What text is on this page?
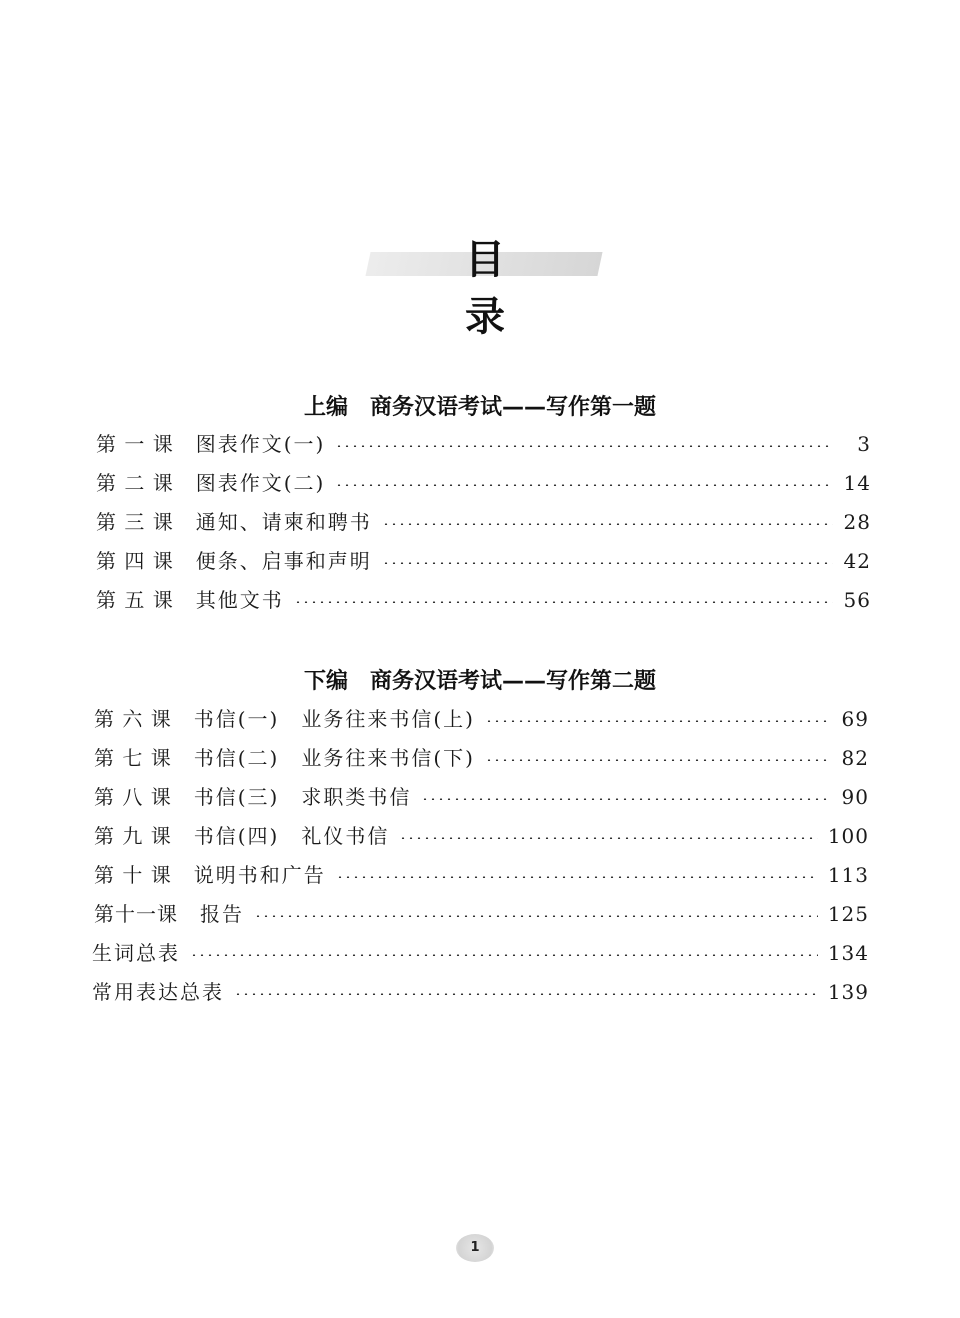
目　录
上编　商务汉语考试——写作第一题
第 一 课 图表作文(一)	3
第 二 课 图表作文(二)	14
第 三 课 通知、请柬和聘书	28
第 四 课 便条、启事和声明	42
第 五 课 其他文书	56
下编　商务汉语考试——写作第二题
第 六 课 书信(一)　业务往来书信(上)	69
第 七 课 书信(二)　业务往来书信(下)	82
第 八 课 书信(三)　求职类书信	90
第 九 课 书信(四)　礼仪书信	100
第 十 课 说明书和广告	113
第十一课 报告	125
生词总表	134
常用表达总表	139
1
